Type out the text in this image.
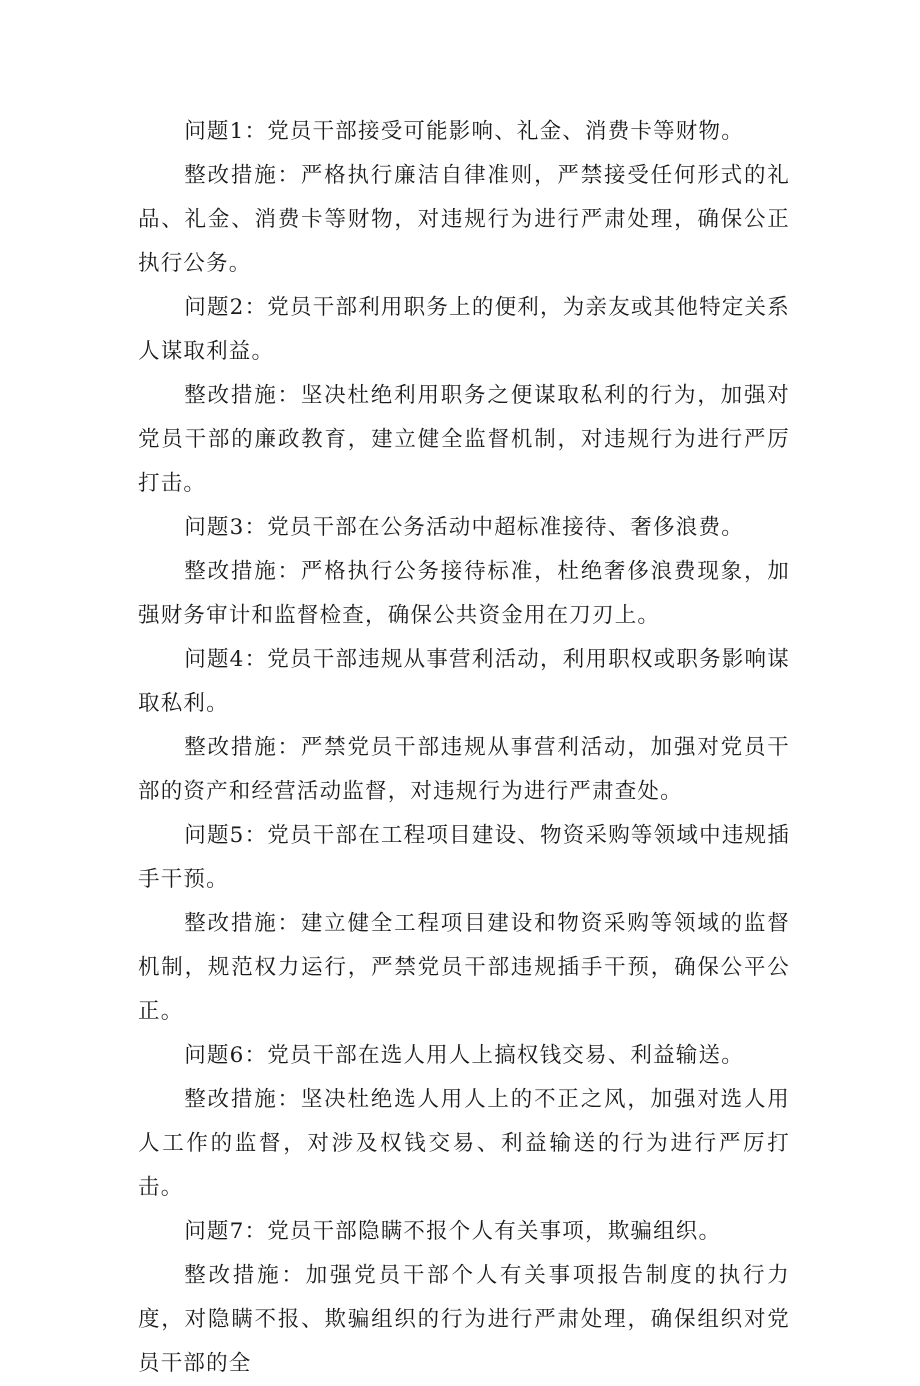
问题1：党员干部接受可能影响、礼金、消费卡等财物。

整改措施：严格执行廉洁自律准则，严禁接受任何形式的礼品、礼金、消费卡等财物，对违规行为进行严肃处理，确保公正执行公务。

问题2：党员干部利用职务上的便利，为亲友或其他特定关系人谋取利益。

整改措施：坚决杜绝利用职务之便谋取私利的行为，加强对党员干部的廉政教育，建立健全监督机制，对违规行为进行严厉打击。

问题3：党员干部在公务活动中超标准接待、奢侈浪费。

整改措施：严格执行公务接待标准，杜绝奢侈浪费现象，加强财务审计和监督检查，确保公共资金用在刀刃上。

问题4：党员干部违规从事营利活动，利用职权或职务影响谋取私利。

整改措施：严禁党员干部违规从事营利活动，加强对党员干部的资产和经营活动监督，对违规行为进行严肃查处。

问题5：党员干部在工程项目建设、物资采购等领域中违规插手干预。

整改措施：建立健全工程项目建设和物资采购等领域的监督机制，规范权力运行，严禁党员干部违规插手干预，确保公平公正。

问题6：党员干部在选人用人上搞权钱交易、利益输送。

整改措施：坚决杜绝选人用人上的不正之风，加强对选人用人工作的监督，对涉及权钱交易、利益输送的行为进行严厉打击。

问题7：党员干部隐瞒不报个人有关事项，欺骗组织。

整改措施：加强党员干部个人有关事项报告制度的执行力度，对隐瞒不报、欺骗组织的行为进行严肃处理，确保组织对党员干部的全
